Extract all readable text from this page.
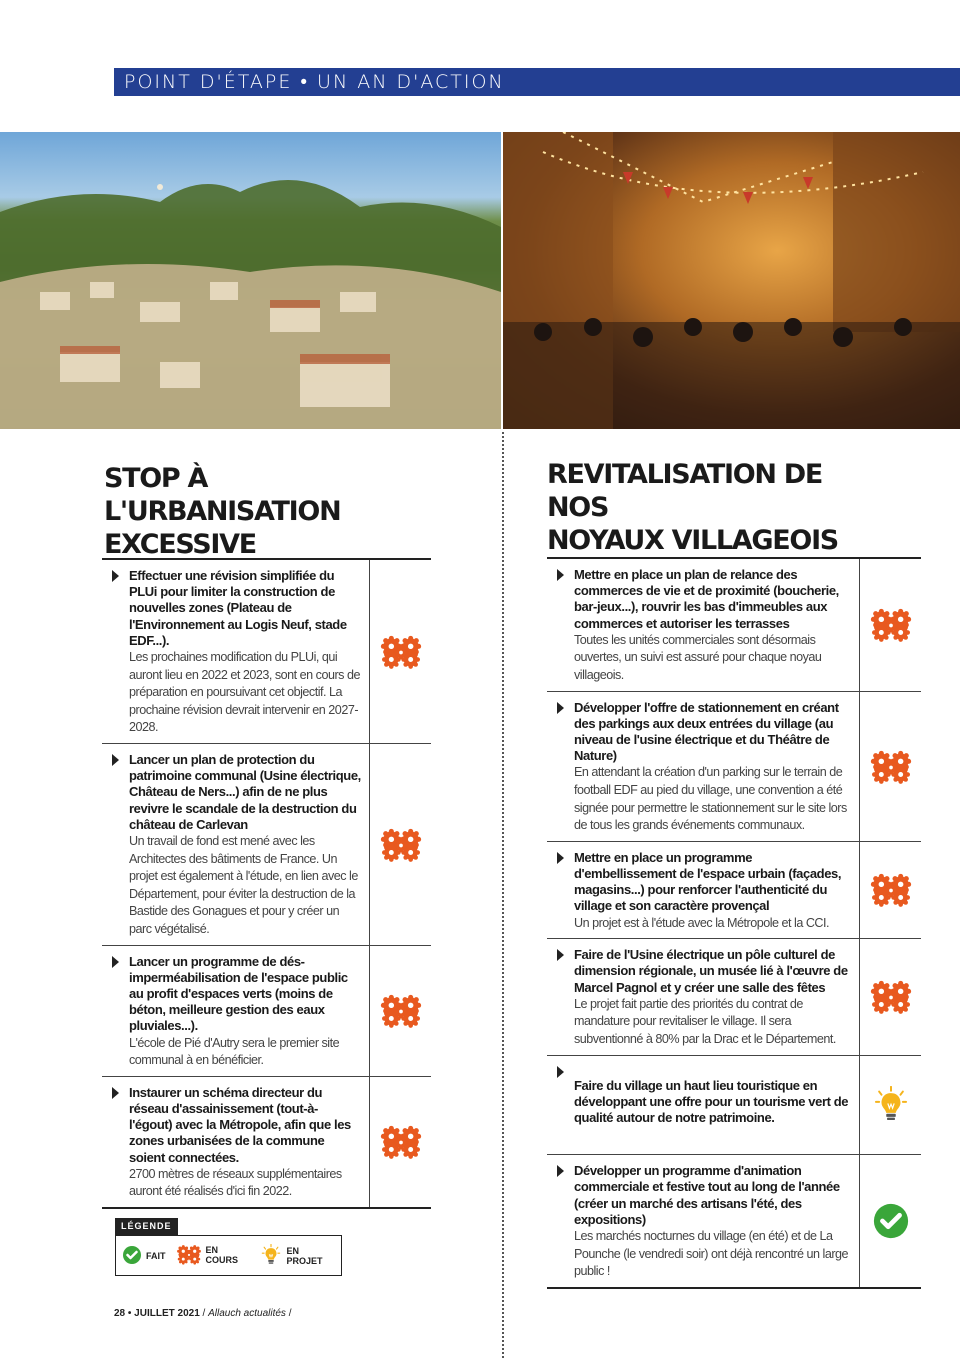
POINT D'ÉTAPE • UN AN D'ACTION
STOP À L'URBANISATION
EXCESSIVE
REVITALISATION DE NOS
NOYAUX VILLAGEOIS
Effectuer une révision simplifiée du PLUi pour limiter la construction de nouvelles zones (Plateau de l'Environnement au Logis Neuf, stade EDF...).
Les prochaines modification du PLUi, qui auront lieu en 2022 et 2023, sont en cours de préparation en poursuivant cet objectif. La prochaine révision devrait intervenir en 2027-2028.
Lancer un plan de protection du patrimoine communal (Usine électrique, Château de Ners...) afin de ne plus revivre le scandale de la destruction du château de Carlevan
Un travail de fond est mené avec les Architectes des bâtiments de France. Un projet est également à l'étude, en lien avec le Département, pour éviter la destruction de la Bastide des Gonagues et pour y créer un parc végétalisé.
Lancer un programme de dés-imperméabilisation de l'espace public au profit d'espaces verts (moins de béton, meilleure gestion des eaux pluviales...).
L'école de Pié d'Autry sera le premier site communal à en bénéficier.
Instaurer un schéma directeur du réseau d'assainissement (tout-à-l'égout) avec la Métropole, afin que les zones urbanisées de la commune soient connectées.
2700 mètres de réseaux supplémentaires auront été réalisés d'ici fin 2022.
Mettre en place un plan de relance des commerces de vie et de proximité (boucherie, bar-jeux...), rouvrir les bas d'immeubles aux commerces et autoriser les terrasses
Toutes les unités commerciales sont désormais ouvertes, un suivi est assuré pour chaque noyau villageois.
Développer l'offre de stationnement en créant des parkings aux deux entrées du village (au niveau de l'usine électrique et du Théâtre de Nature)
En attendant la création d'un parking sur le terrain de football EDF au pied du village, une convention a été signée pour permettre le stationnement sur le site lors de tous les grands événements communaux.
Mettre en place un programme d'embellissement de l'espace urbain (façades, magasins...) pour renforcer l'authenticité du village et son caractère provençal
Un projet est à l'étude avec la Métropole et la CCI.
Faire de l'Usine électrique un pôle culturel de dimension régionale, un musée lié à l'œuvre de Marcel Pagnol et y créer une salle des fêtes
Le projet fait partie des priorités du contrat de mandature pour revitaliser le village. Il sera subventionné à 80% par la Drac et le Département.
Faire du village un haut lieu touristique en développant une offre pour un tourisme vert de qualité autour de notre patrimoine.
Développer un programme d'animation commerciale et festive tout au long de l'année (créer un marché des artisans l'été, des expositions)
Les marchés nocturnes du village (en été) et de La Pounche (le vendredi soir) ont déjà rencontré un large public !
LÉGENDE
FAIT
EN COURS
EN PROJET
28 • JUILLET 2021 / Allauch actualités /
